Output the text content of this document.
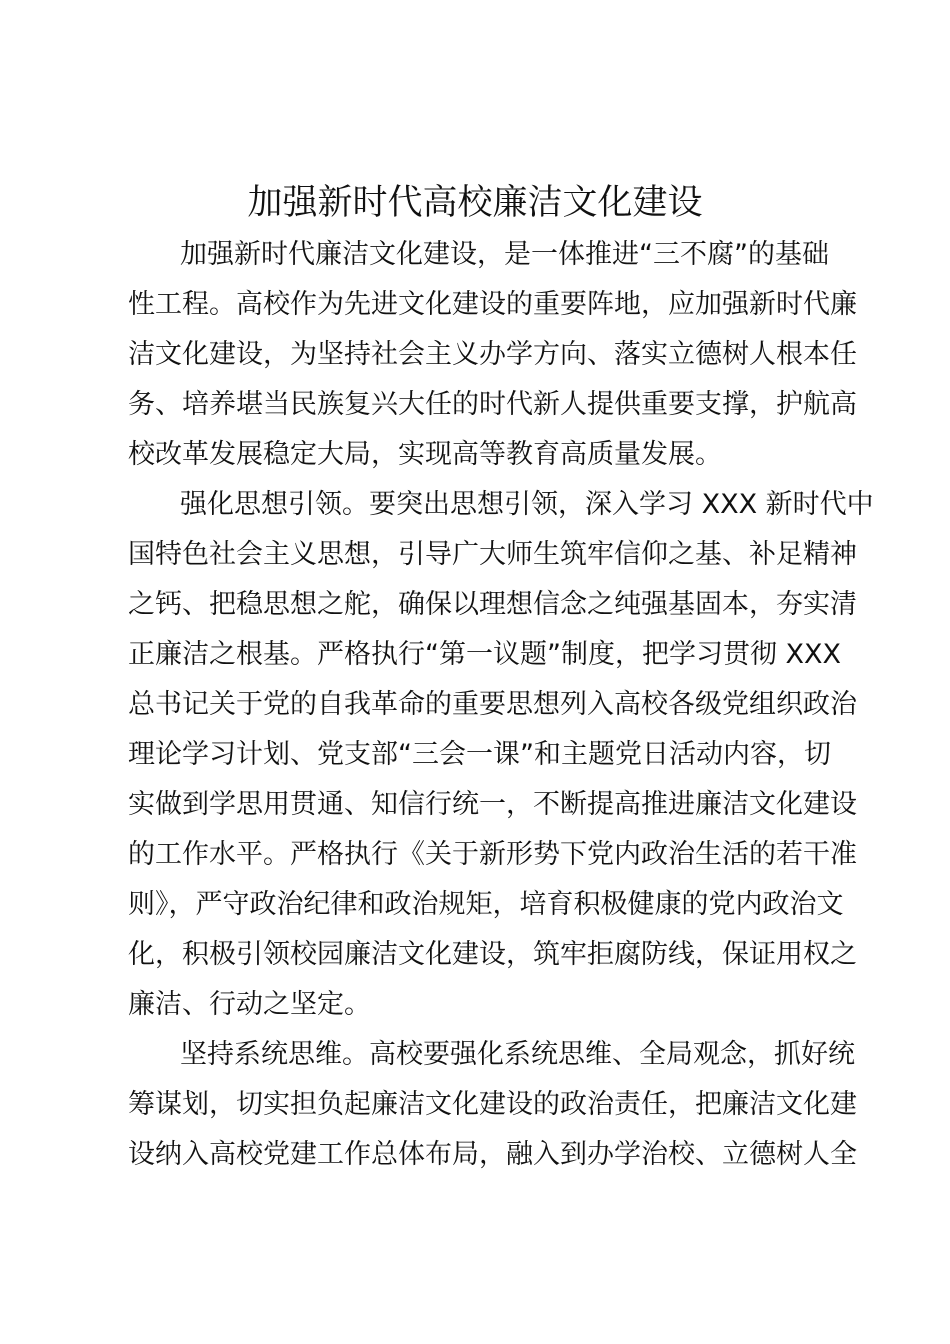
加强新时代高校廉洁文化建设
加强新时代廉洁文化建设，是一体推进“三不腐”的基础
性工程。高校作为先进文化建设的重要阵地，应加强新时代廉
洁文化建设，为坚持社会主义办学方向、落实立德树人根本任
务、培养堪当民族复兴大任的时代新人提供重要支撑，护航高
校改革发展稳定大局，实现高等教育高质量发展。
强化思想引领。要突出思想引领，深入学习 XXX 新时代中
国特色社会主义思想，引导广大师生筑牢信仰之基、补足精神
之钙、把稳思想之舵，确保以理想信念之纯强基固本，夯实清
正廉洁之根基。严格执行“第一议题”制度，把学习贯彻 XXX
总书记关于党的自我革命的重要思想列入高校各级党组织政治
理论学习计划、党支部“三会一课”和主题党日活动内容，切
实做到学思用贯通、知信行统一，不断提高推进廉洁文化建设
的工作水平。严格执行《关于新形势下党内政治生活的若干准
则》，严守政治纪律和政治规矩，培育积极健康的党内政治文
化，积极引领校园廉洁文化建设，筑牢拒腐防线，保证用权之
廉洁、行动之坚定。
坚持系统思维。高校要强化系统思维、全局观念，抓好统
筹谋划，切实担负起廉洁文化建设的政治责任，把廉洁文化建
设纳入高校党建工作总体布局，融入到办学治校、立德树人全
